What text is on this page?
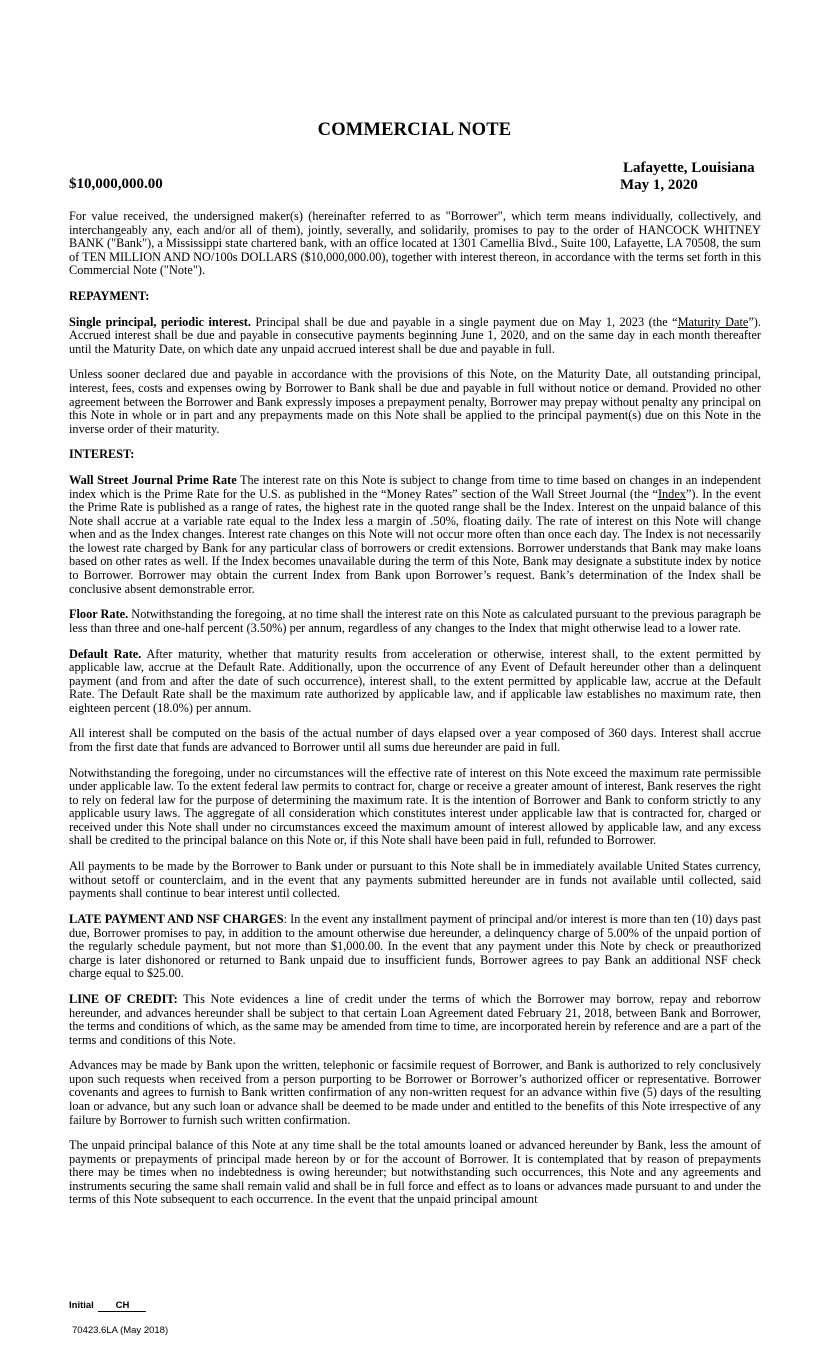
COMMERCIAL NOTE
$10,000,000.00
Lafayette, Louisiana
May 1, 2020

For value received, the undersigned maker(s) (hereinafter referred to as "Borrower", which term means individually, collectively, and interchangeably any, each and/or all of them), jointly, severally, and solidarily, promises to pay to the order of HANCOCK WHITNEY BANK ("Bank"), a Mississippi state chartered bank, with an office located at 1301 Camellia Blvd., Suite 100, Lafayette, LA 70508, the sum of TEN MILLION AND NO/100s DOLLARS ($10,000,000.00), together with interest thereon, in accordance with the terms set forth in this Commercial Note ("Note").

REPAYMENT:

Single principal, periodic interest. Principal shall be due and payable in a single payment due on May 1, 2023 (the “Maturity Date”). Accrued interest shall be due and payable in consecutive payments beginning June 1, 2020, and on the same day in each month thereafter until the Maturity Date, on which date any unpaid accrued interest shall be due and payable in full.

Unless sooner declared due and payable in accordance with the provisions of this Note, on the Maturity Date, all outstanding principal, interest, fees, costs and expenses owing by Borrower to Bank shall be due and payable in full without notice or demand. Provided no other agreement between the Borrower and Bank expressly imposes a prepayment penalty, Borrower may prepay without penalty any principal on this Note in whole or in part and any prepayments made on this Note shall be applied to the principal payment(s) due on this Note in the inverse order of their maturity.

INTEREST:

Wall Street Journal Prime Rate The interest rate on this Note is subject to change from time to time based on changes in an independent index which is the Prime Rate for the U.S. as published in the “Money Rates” section of the Wall Street Journal (the “Index”). In the event the Prime Rate is published as a range of rates, the highest rate in the quoted range shall be the Index. Interest on the unpaid balance of this Note shall accrue at a variable rate equal to the Index less a margin of .50%, floating daily. The rate of interest on this Note will change when and as the Index changes. Interest rate changes on this Note will not occur more often than once each day. The Index is not necessarily the lowest rate charged by Bank for any particular class of borrowers or credit extensions. Borrower understands that Bank may make loans based on other rates as well. If the Index becomes unavailable during the term of this Note, Bank may designate a substitute index by notice to Borrower. Borrower may obtain the current Index from Bank upon Borrower’s request. Bank’s determination of the Index shall be conclusive absent demonstrable error.

Floor Rate. Notwithstanding the foregoing, at no time shall the interest rate on this Note as calculated pursuant to the previous paragraph be less than three and one-half percent (3.50%) per annum, regardless of any changes to the Index that might otherwise lead to a lower rate.

Default Rate. After maturity, whether that maturity results from acceleration or otherwise, interest shall, to the extent permitted by applicable law, accrue at the Default Rate. Additionally, upon the occurrence of any Event of Default hereunder other than a delinquent payment (and from and after the date of such occurrence), interest shall, to the extent permitted by applicable law, accrue at the Default Rate. The Default Rate shall be the maximum rate authorized by applicable law, and if applicable law establishes no maximum rate, then eighteen percent (18.0%) per annum.

All interest shall be computed on the basis of the actual number of days elapsed over a year composed of 360 days. Interest shall accrue from the first date that funds are advanced to Borrower until all sums due hereunder are paid in full.

Notwithstanding the foregoing, under no circumstances will the effective rate of interest on this Note exceed the maximum rate permissible under applicable law. To the extent federal law permits to contract for, charge or receive a greater amount of interest, Bank reserves the right to rely on federal law for the purpose of determining the maximum rate. It is the intention of Borrower and Bank to conform strictly to any applicable usury laws. The aggregate of all consideration which constitutes interest under applicable law that is contracted for, charged or received under this Note shall under no circumstances exceed the maximum amount of interest allowed by applicable law, and any excess shall be credited to the principal balance on this Note or, if this Note shall have been paid in full, refunded to Borrower.

All payments to be made by the Borrower to Bank under or pursuant to this Note shall be in immediately available United States currency, without setoff or counterclaim, and in the event that any payments submitted hereunder are in funds not available until collected, said payments shall continue to bear interest until collected.

LATE PAYMENT AND NSF CHARGES: In the event any installment payment of principal and/or interest is more than ten (10) days past due, Borrower promises to pay, in addition to the amount otherwise due hereunder, a delinquency charge of 5.00% of the unpaid portion of the regularly schedule payment, but not more than $1,000.00. In the event that any payment under this Note by check or preauthorized charge is later dishonored or returned to Bank unpaid due to insufficient funds, Borrower agrees to pay Bank an additional NSF check charge equal to $25.00.

LINE OF CREDIT: This Note evidences a line of credit under the terms of which the Borrower may borrow, repay and reborrow hereunder, and advances hereunder shall be subject to that certain Loan Agreement dated February 21, 2018, between Bank and Borrower, the terms and conditions of which, as the same may be amended from time to time, are incorporated herein by reference and are a part of the terms and conditions of this Note.

Advances may be made by Bank upon the written, telephonic or facsimile request of Borrower, and Bank is authorized to rely conclusively upon such requests when received from a person purporting to be Borrower or Borrower’s authorized officer or representative. Borrower covenants and agrees to furnish to Bank written confirmation of any non-written request for an advance within five (5) days of the resulting loan or advance, but any such loan or advance shall be deemed to be made under and entitled to the benefits of this Note irrespective of any failure by Borrower to furnish such written confirmation.

The unpaid principal balance of this Note at any time shall be the total amounts loaned or advanced hereunder by Bank, less the amount of payments or prepayments of principal made hereon by or for the account of Borrower. It is contemplated that by reason of prepayments there may be times when no indebtedness is owing hereunder; but notwithstanding such occurrences, this Note and any agreements and instruments securing the same shall remain valid and shall be in full force and effect as to loans or advances made pursuant to and under the terms of this Note subsequent to each occurrence. In the event that the unpaid principal amount

Initial CH
70423.6LA (May 2018)
